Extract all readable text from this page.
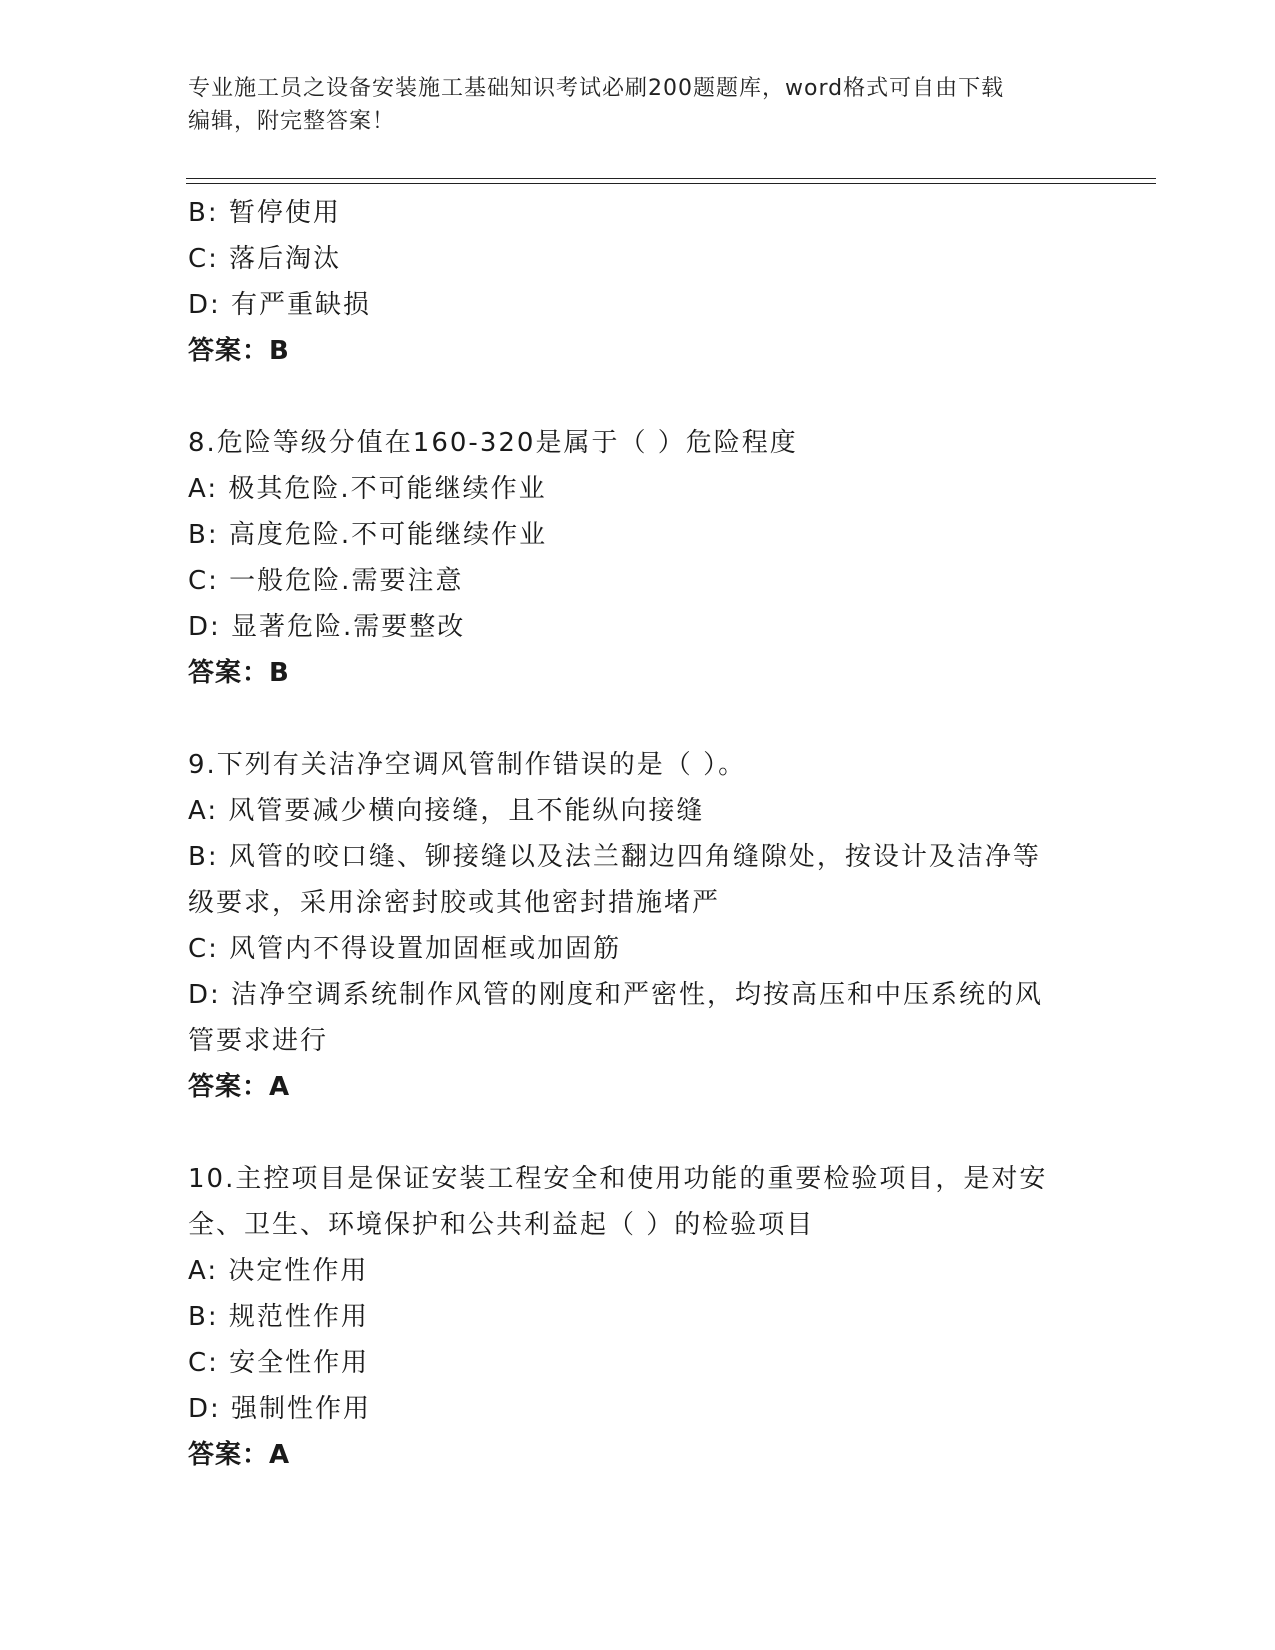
专业施工员之设备安装施工基础知识考试必刷200题题库，word格式可自由下载
编辑，附完整答案！
B: 暂停使用
C: 落后淘汰
D: 有严重缺损
答案：B
8.危险等级分值在160-320是属于（ ）危险程度
A: 极其危险.不可能继续作业
B: 高度危险.不可能继续作业
C: 一般危险.需要注意
D: 显著危险.需要整改
答案：B
9.下列有关洁净空调风管制作错误的是（ ）。
A: 风管要减少横向接缝，且不能纵向接缝
B: 风管的咬口缝、铆接缝以及法兰翻边四角缝隙处，按设计及洁净等
级要求，采用涂密封胶或其他密封措施堵严
C: 风管内不得设置加固框或加固筋
D: 洁净空调系统制作风管的刚度和严密性，均按高压和中压系统的风
管要求进行
答案：A
10.主控项目是保证安装工程安全和使用功能的重要检验项目，是对安
全、卫生、环境保护和公共利益起（ ）的检验项目
A: 决定性作用
B: 规范性作用
C: 安全性作用
D: 强制性作用
答案：A
